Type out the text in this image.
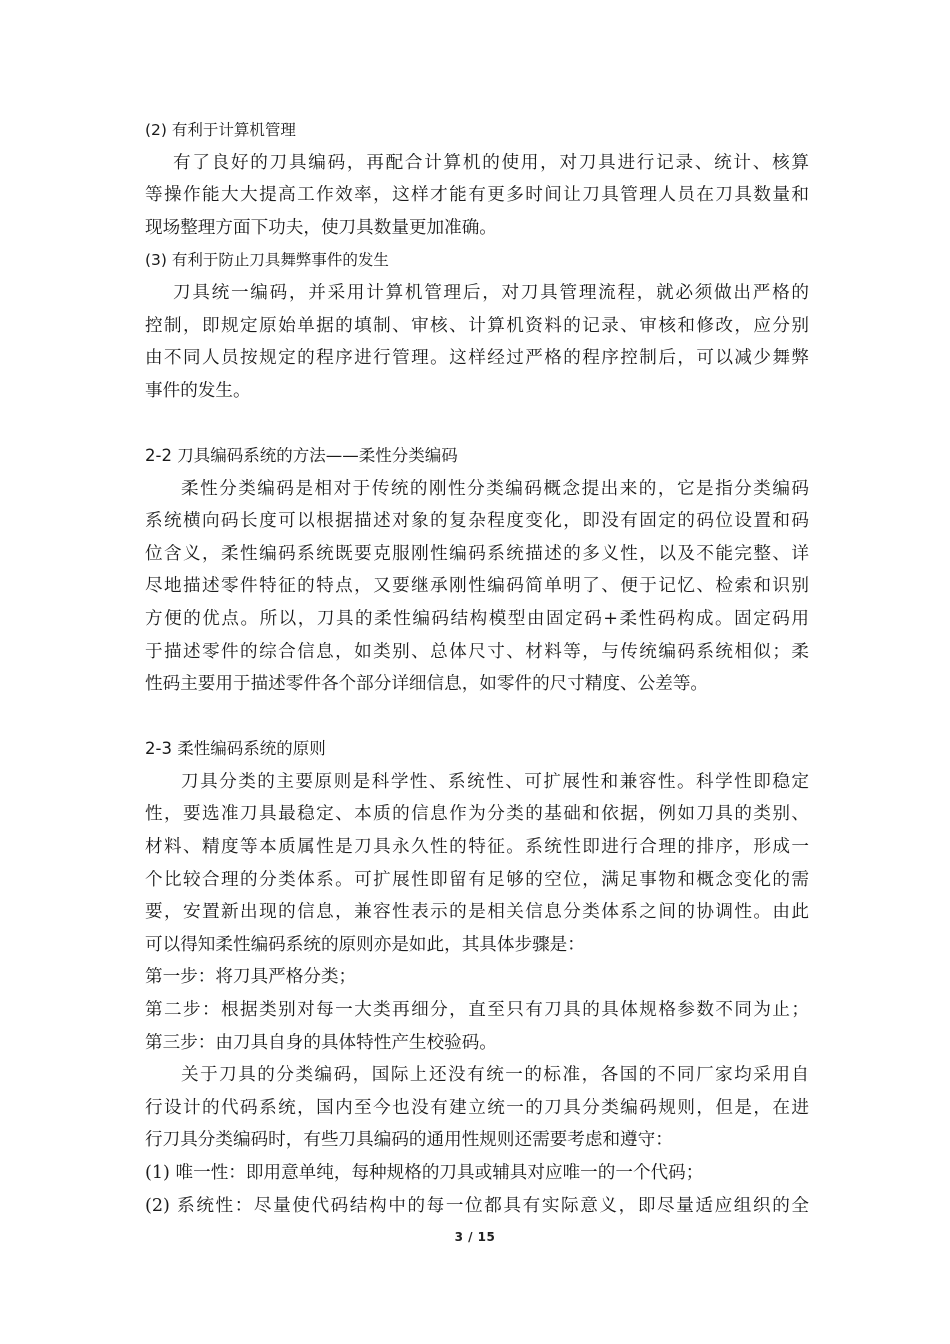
(2) 有利于计算机管理
有了良好的刀具编码，再配合计算机的使用，对刀具进行记录、统计、核算
等操作能大大提高工作效率，这样才能有更多时间让刀具管理人员在刀具数量和
现场整理方面下功夫，使刀具数量更加准确。
(3) 有利于防止刀具舞弊事件的发生
刀具统一编码，并采用计算机管理后，对刀具管理流程，就必须做出严格的
控制，即规定原始单据的填制、审核、计算机资料的记录、审核和修改，应分别
由不同人员按规定的程序进行管理。这样经过严格的程序控制后，可以减少舞弊
事件的发生。
2-2 刀具编码系统的方法——柔性分类编码
柔性分类编码是相对于传统的刚性分类编码概念提出来的，它是指分类编码
系统横向码长度可以根据描述对象的复杂程度变化，即没有固定的码位设置和码
位含义，柔性编码系统既要克服刚性编码系统描述的多义性，以及不能完整、详
尽地描述零件特征的特点，又要继承刚性编码简单明了、便于记忆、检索和识别
方便的优点。所以，刀具的柔性编码结构模型由固定码+柔性码构成。固定码用
于描述零件的综合信息，如类别、总体尺寸、材料等，与传统编码系统相似；柔
性码主要用于描述零件各个部分详细信息，如零件的尺寸精度、公差等。
2-3 柔性编码系统的原则
刀具分类的主要原则是科学性、系统性、可扩展性和兼容性。科学性即稳定
性，要选准刀具最稳定、本质的信息作为分类的基础和依据，例如刀具的类别、
材料、精度等本质属性是刀具永久性的特征。系统性即进行合理的排序，形成一
个比较合理的分类体系。可扩展性即留有足够的空位，满足事物和概念变化的需
要，安置新出现的信息，兼容性表示的是相关信息分类体系之间的协调性。由此
可以得知柔性编码系统的原则亦是如此，其具体步骤是：
第一步：将刀具严格分类；
第二步：根据类别对每一大类再细分，直至只有刀具的具体规格参数不同为止；
第三步：由刀具自身的具体特性产生校验码。
关于刀具的分类编码，国际上还没有统一的标准，各国的不同厂家均采用自
行设计的代码系统，国内至今也没有建立统一的刀具分类编码规则，但是，在进
行刀具分类编码时，有些刀具编码的通用性规则还需要考虑和遵守：
(1) 唯一性：即用意单纯，每种规格的刀具或辅具对应唯一的一个代码；
(2) 系统性：尽量使代码结构中的每一位都具有实际意义，即尽量适应组织的全
3 / 15
